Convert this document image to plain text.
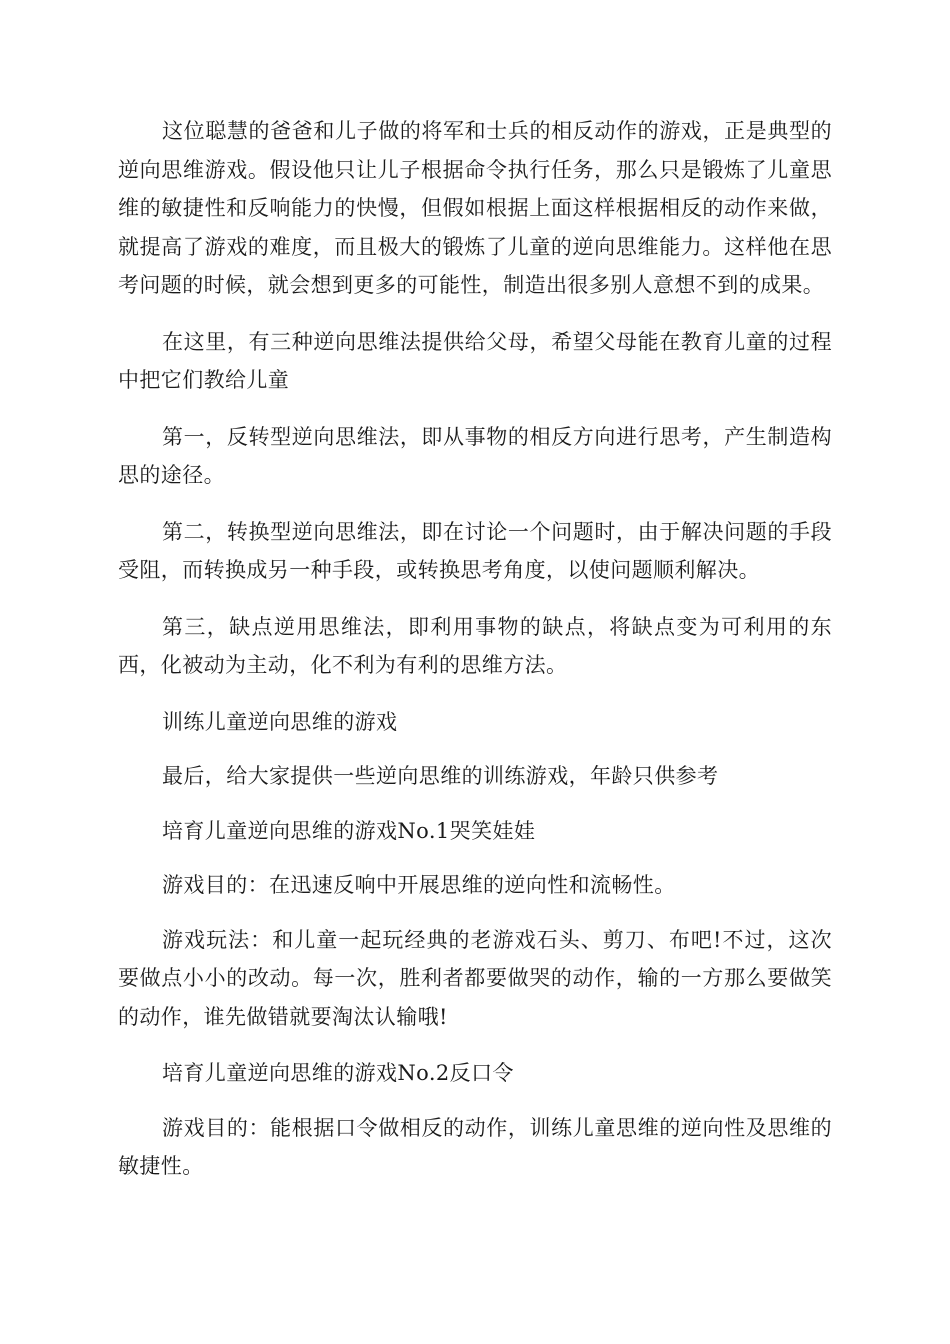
这位聪慧的爸爸和儿子做的将军和士兵的相反动作的游戏，正是典型的逆向思维游戏。假设他只让儿子根据命令执行任务，那么只是锻炼了儿童思维的敏捷性和反响能力的快慢，但假如根据上面这样根据相反的动作来做，就提高了游戏的难度，而且极大的锻炼了儿童的逆向思维能力。这样他在思考问题的时候，就会想到更多的可能性，制造出很多别人意想不到的成果。

在这里，有三种逆向思维法提供给父母，希望父母能在教育儿童的过程中把它们教给儿童

第一，反转型逆向思维法，即从事物的相反方向进行思考，产生制造构思的途径。

第二，转换型逆向思维法，即在讨论一个问题时，由于解决问题的手段受阻，而转换成另一种手段，或转换思考角度，以使问题顺利解决。

第三，缺点逆用思维法，即利用事物的缺点，将缺点变为可利用的东西，化被动为主动，化不利为有利的思维方法。

训练儿童逆向思维的游戏

最后，给大家提供一些逆向思维的训练游戏，年龄只供参考

培育儿童逆向思维的游戏No.1哭笑娃娃

游戏目的：在迅速反响中开展思维的逆向性和流畅性。

游戏玩法：和儿童一起玩经典的老游戏石头、剪刀、布吧!不过，这次要做点小小的改动。每一次，胜利者都要做哭的动作，输的一方那么要做笑的动作，谁先做错就要淘汰认输哦!

培育儿童逆向思维的游戏No.2反口令

游戏目的：能根据口令做相反的动作，训练儿童思维的逆向性及思维的敏捷性。
